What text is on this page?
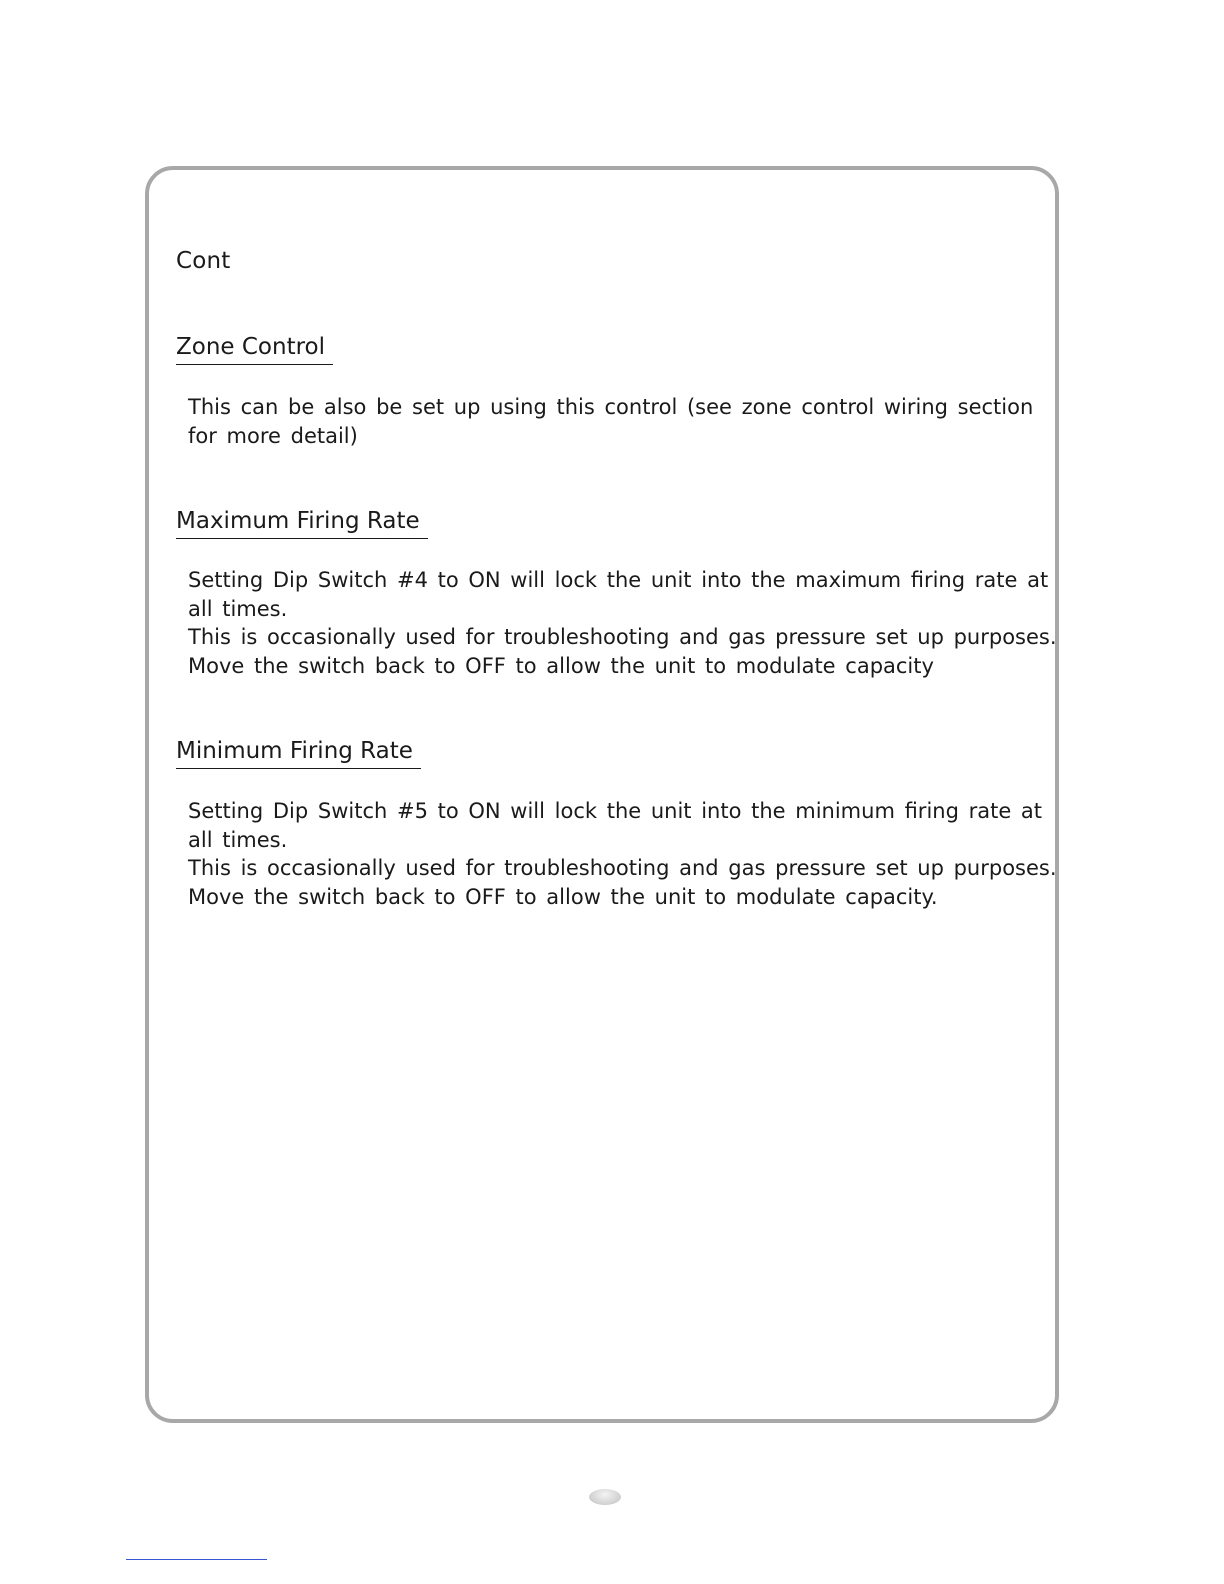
Cont
Zone Control
This can be also be set up using this control (see zone control wiring section
for more detail)
Maximum Firing Rate
Setting Dip Switch #4 to ON will lock the unit into the maximum firing rate at
all times.
This is occasionally used for troubleshooting and gas pressure set up purposes.
Move the switch back to OFF to allow the unit to modulate capacity
Minimum Firing Rate
Setting Dip Switch #5 to ON will lock the unit into the minimum firing rate at
all times.
This is occasionally used for troubleshooting and gas pressure set up purposes.
Move the switch back to OFF to allow the unit to modulate capacity.
